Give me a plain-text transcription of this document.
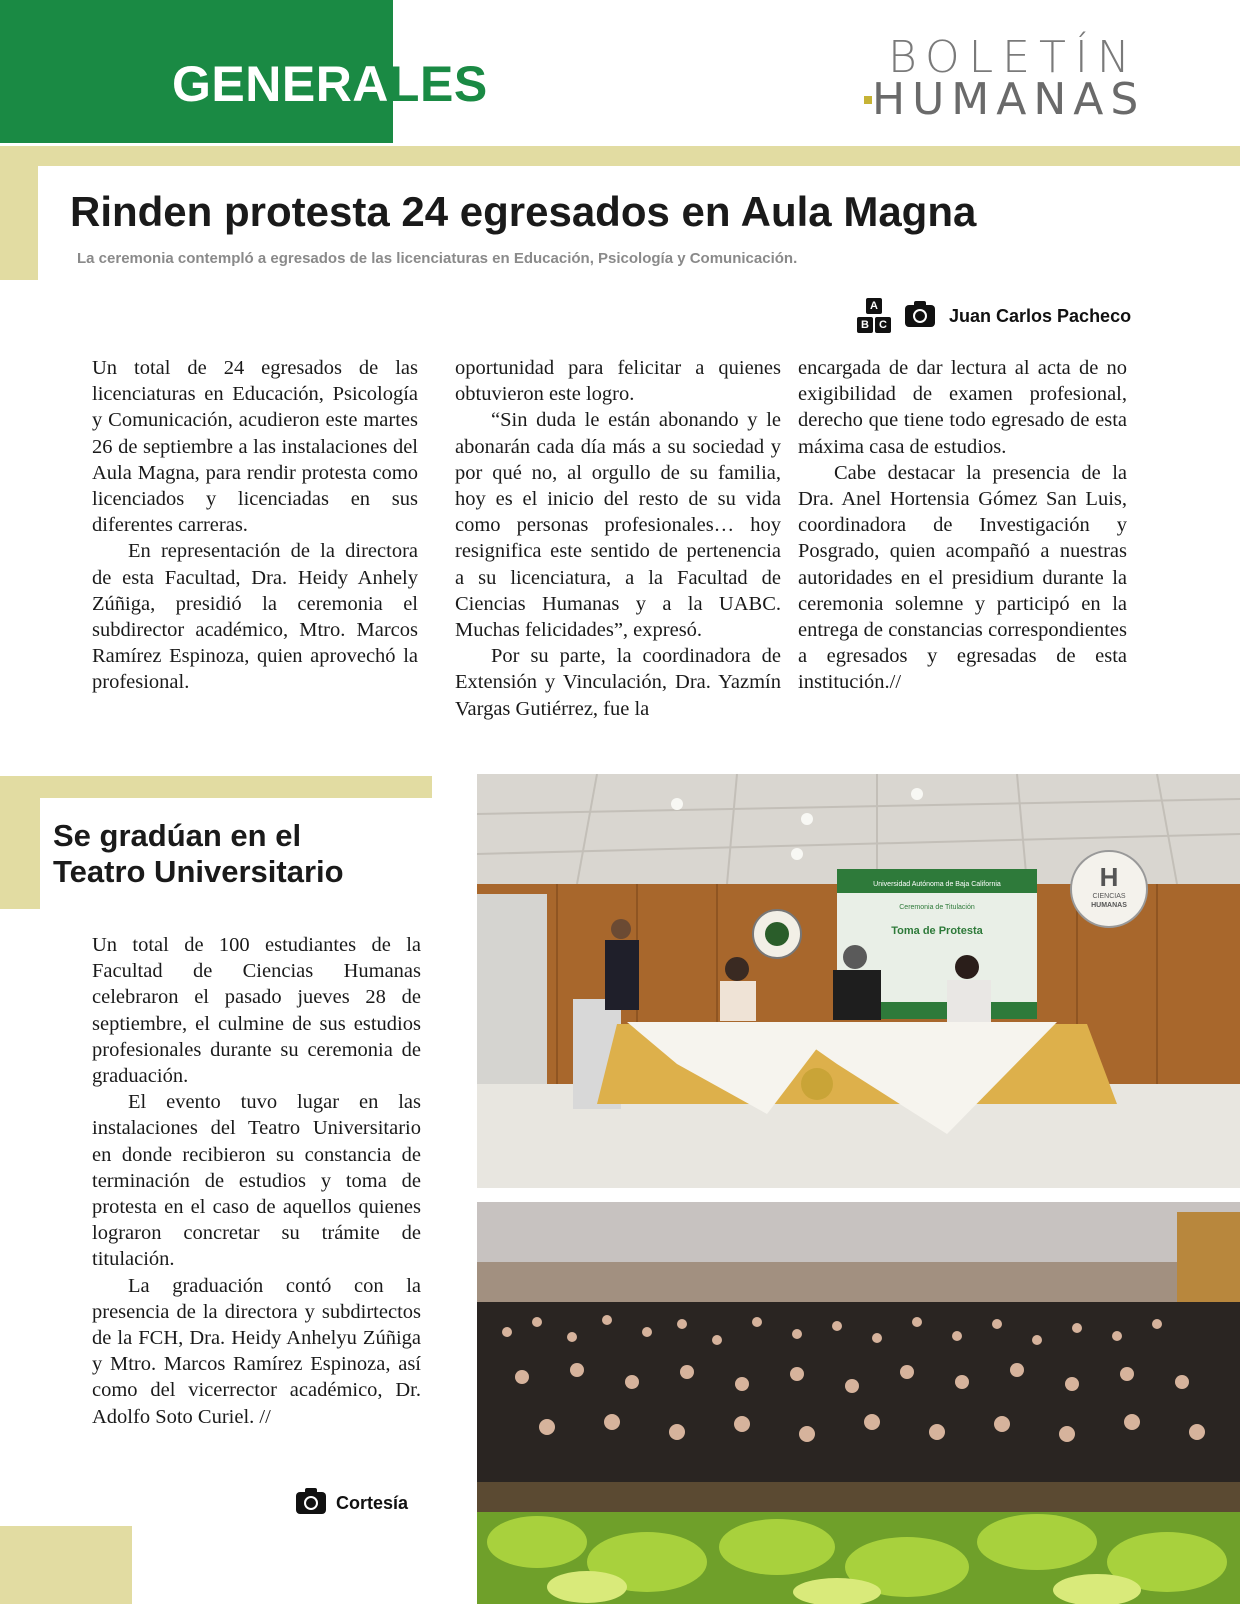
GENERALES	BOLETÍN
HUMANAS
Rinden protesta 24 egresados en Aula Magna
La ceremonia contempló a egresados de las licenciaturas en Educación, Psicología y Comunicación.
A
B C	Juan Carlos Pacheco

Un total de 24 egresados de las licenciaturas en Educación, Psicología y Comunicación, acudieron este martes 26 de septiembre a las instalaciones del Aula Magna, para rendir protesta como licenciados y licenciadas en sus diferentes carreras.

En representación de la directora de esta Facultad, Dra. Heidy Anhely Zúñiga, presidió la ceremonia el subdirector académico, Mtro. Marcos Ramírez Espinoza, quien aprovechó la profesional.

oportunidad para felicitar a quienes obtuvieron este logro.

“Sin duda le están abonando y le abonarán cada día más a su sociedad y por qué no, al orgullo de su familia, hoy es el inicio del resto de su vida como personas profesionales… hoy resignifica este sentido de pertenencia a su licenciatura, a la Facultad de Ciencias Humanas y a la UABC. Muchas felicidades”, expresó.

Por su parte, la coordinadora de Extensión y Vinculación, Dra. Yazmín Vargas Gutiérrez, fue la

encargada de dar lectura al acta de no exigibilidad de examen profesional, derecho que tiene todo egresado de esta máxima casa de estudios.

Cabe destacar la presencia de la Dra. Anel Hortensia Gómez San Luis, coordinadora de Investigación y Posgrado, quien acompañó a nuestras autoridades en el presidium durante la ceremonia solemne y participó en la entrega de constancias correspondientes a egresados y egresadas de esta institución.//

Se gradúan en el
Teatro Universitario

Un total de 100 estudiantes de la Facultad de Ciencias Humanas celebraron el pasado jueves 28 de septiembre, el culmine de sus estudios profesionales durante su ceremonia de graduación.

El evento tuvo lugar en las instalaciones del Teatro Universitario en donde recibieron su constancia de terminación de estudios y toma de protesta en el caso de aquellos quienes lograron concretar su trámite de titulación.

La graduación contó con la presencia de la directora y subdirtectos de la FCH, Dra. Heidy Anhelyu Zúñiga y Mtro. Marcos Ramírez Espinoza, así como del vicerrector académico, Dr. Adolfo Soto Curiel. //

Cortesía
Universidad Autónoma de Baja California
Ceremonia de Titulación
Toma de Protesta
H
CIENCIAS
HUMANAS
